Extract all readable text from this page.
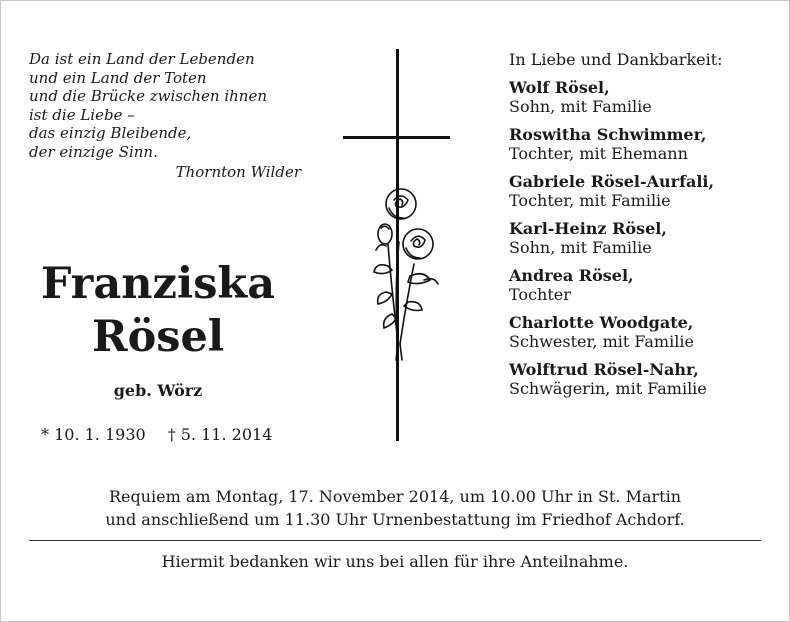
Da ist ein Land der Lebenden
und ein Land der Toten
und die Brücke zwischen ihnen
ist die Liebe –
das einzig Bleibende,
der einzige Sinn.
Thornton Wilder
Franziska
Rösel
geb. Wörz
* 10. 1. 1930 † 5. 11. 2014
In Liebe und Dankbarkeit:
Wolf Rösel,
Sohn, mit Familie
Roswitha Schwimmer,
Tochter, mit Ehemann
Gabriele Rösel-Aurfali,
Tochter, mit Familie
Karl-Heinz Rösel,
Sohn, mit Familie
Andrea Rösel,
Tochter
Charlotte Woodgate,
Schwester, mit Familie
Wolftrud Rösel-Nahr,
Schwägerin, mit Familie
Requiem am Montag, 17. November 2014, um 10.00 Uhr in St. Martin
und anschließend um 11.30 Uhr Urnenbestattung im Friedhof Achdorf.
Hiermit bedanken wir uns bei allen für ihre Anteilnahme.
